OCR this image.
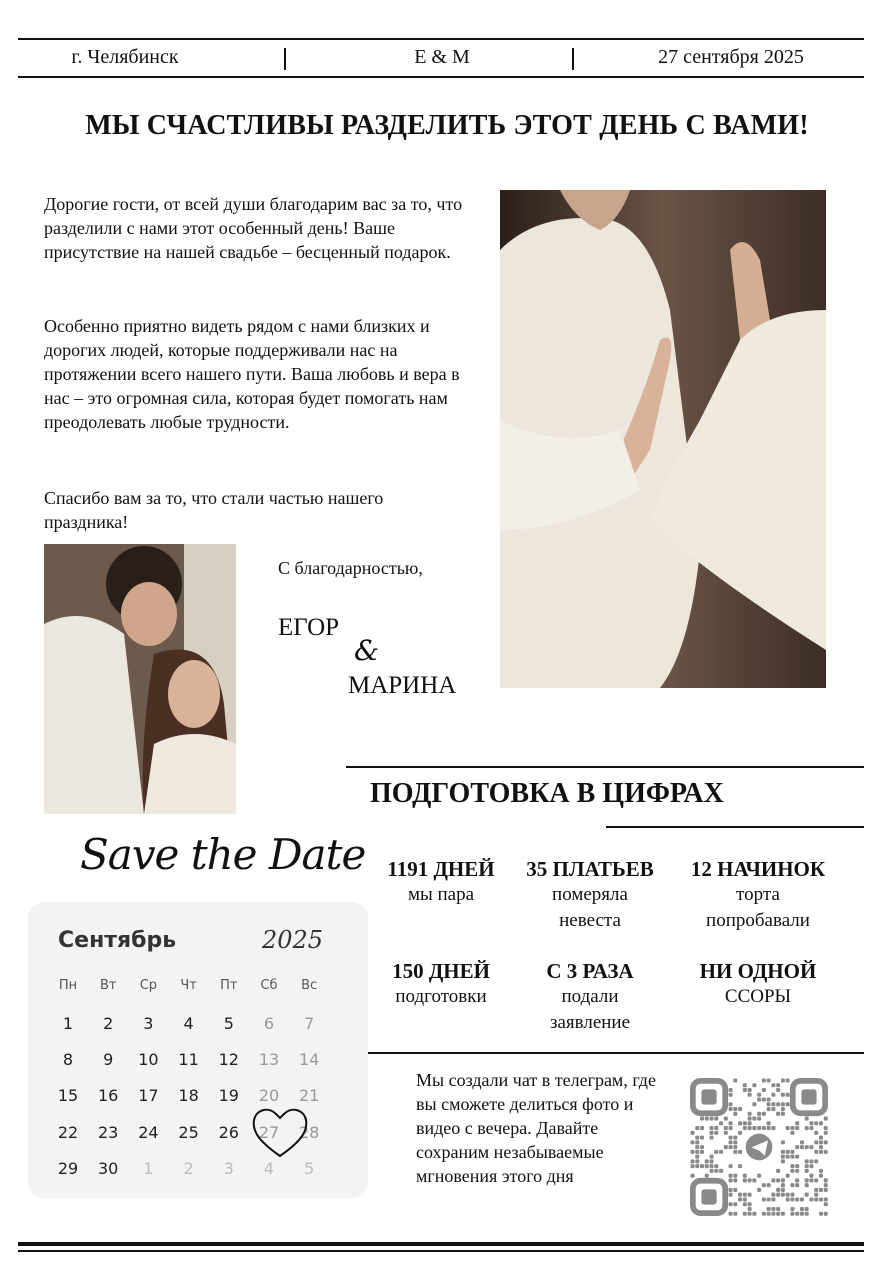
г. Челябинск	E & M	27 сентября 2025
МЫ СЧАСТЛИВЫ РАЗДЕЛИТЬ ЭТОТ ДЕНЬ С ВАМИ!
Дорогие гости, от всей души благодарим вас за то, что разделили с нами этот особенный день! Ваше присутствие на нашей свадьбе – бесценный подарок.
Особенно приятно видеть рядом с нами близких и дорогих людей, которые поддерживали нас на протяжении всего нашего пути. Ваша любовь и вера в нас – это огромная сила, которая будет помогать нам преодолевать любые трудности.
Спасибо вам за то, что стали частью нашего праздника!
С благодарностью,
ЕГОР
&
МАРИНА
ПОДГОТОВКА В ЦИФРАХ
1191 ДНЕЙ
мы пара
35 ПЛАТЬЕВ
померяла
невеста
12 НАЧИНОК
торта
попробавали
150 ДНЕЙ
подготовки
С 3 РАЗА
подали
заявление
НИ ОДНОЙ
ССОРЫ
Save the Date
Сентябрь	2025
Пн	Вт	Ср	Чт	Пт	Сб	Вс
1	2	3	4	5	6	7
8	9	10	11	12	13	14
15	16	17	18	19	20	21
22	23	24	25	26	27	28
29	30	1	2	3	4	5
Мы создали чат в телеграм, где вы сможете делиться фото и видео с вечера. Давайте сохраним незабываемые мгновения этого дня
